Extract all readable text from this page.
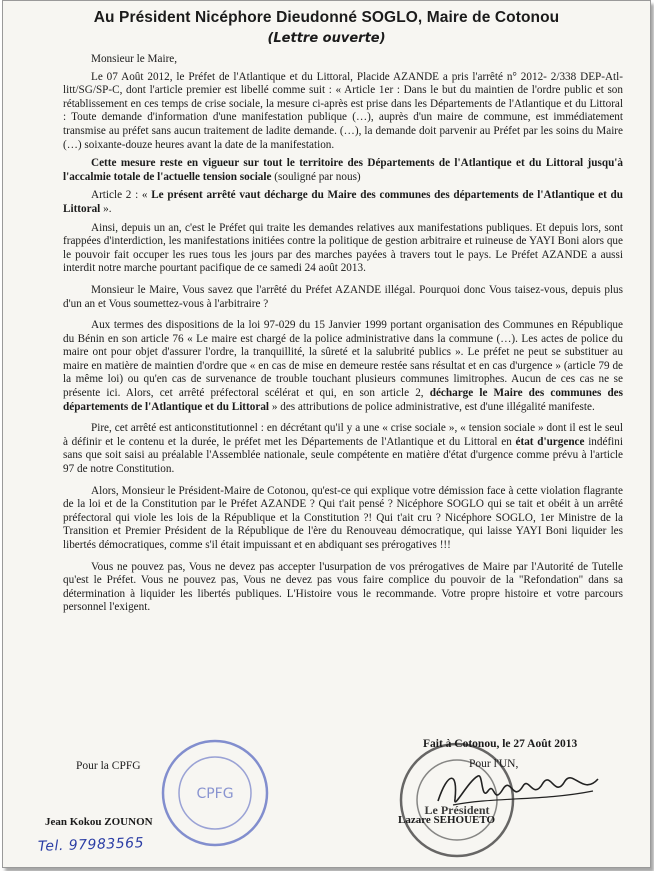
Au Président Nicéphore Dieudonné SOGLO, Maire de Cotonou
(Lettre ouverte)

Monsieur le Maire,

Le 07 Août 2012, le Préfet de l'Atlantique et du Littoral, Placide AZANDE a pris l'arrêté n° 2012- 2/338 DEP-Atl-litt/SG/SP-C, dont l'article premier est libellé comme suit : « Article 1er : Dans le but du maintien de l'ordre public et son rétablissement en ces temps de crise sociale, la mesure ci-après est prise dans les Départements de l'Atlantique et du Littoral : Toute demande d'information d'une manifestation publique (…), auprès d'un maire de commune, est immédiatement transmise au préfet sans aucun traitement de ladite demande. (…), la demande doit parvenir au Préfet par les soins du Maire (…) soixante-douze heures avant la date de la manifestation.

Cette mesure reste en vigueur sur tout le territoire des Départements de l'Atlantique et du Littoral jusqu'à l'accalmie totale de l'actuelle tension sociale (souligné par nous)

Article 2 : « Le présent arrêté vaut décharge du Maire des communes des départements de l'Atlantique et du Littoral ».

Ainsi, depuis un an, c'est le Préfet qui traite les demandes relatives aux manifestations publiques. Et depuis lors, sont frappées d'interdiction, les manifestations initiées contre la politique de gestion arbitraire et ruineuse de YAYI Boni alors que le pouvoir fait occuper les rues tous les jours par des marches payées à travers tout le pays. Le Préfet AZANDE a aussi interdit notre marche pourtant pacifique de ce samedi 24 août 2013.

Monsieur le Maire, Vous savez que l'arrêté du Préfet AZANDE illégal. Pourquoi donc Vous taisez-vous, depuis plus d'un an et Vous soumettez-vous à l'arbitraire ?

Aux termes des dispositions de la loi 97-029 du 15 Janvier 1999 portant organisation des Communes en République du Bénin en son article 76 « Le maire est chargé de la police administrative dans la commune (…). Les actes de police du maire ont pour objet d'assurer l'ordre, la tranquillité, la sûreté et la salubrité publics ». Le préfet ne peut se substituer au maire en matière de maintien d'ordre que « en cas de mise en demeure restée sans résultat et en cas d'urgence » (article 79 de la même loi) ou qu'en cas de survenance de trouble touchant plusieurs communes limitrophes. Aucun de ces cas ne se présente ici. Alors, cet arrêté préfectoral scélérat et qui, en son article 2, décharge le Maire des communes des départements de l'Atlantique et du Littoral » des attributions de police administrative, est d'une illégalité manifeste.

Pire, cet arrêté est anticonstitutionnel : en décrétant qu'il y a une « crise sociale », « tension sociale » dont il est le seul à définir et le contenu et la durée, le préfet met les Départements de l'Atlantique et du Littoral en état d'urgence indéfini sans que soit saisi au préalable l'Assemblée nationale, seule compétente en matière d'état d'urgence comme prévu à l'article 97 de notre Constitution.

Alors, Monsieur le Président-Maire de Cotonou, qu'est-ce qui explique votre démission face à cette violation flagrante de la loi et de la Constitution par le Préfet AZANDE ? Qui t'ait pensé ? Nicéphore SOGLO qui se tait et obéit à un arrêté préfectoral qui viole les lois de la République et la Constitution ?! Qui t'ait cru ? Nicéphore SOGLO, 1er Ministre de la Transition et Premier Président de la République de l'ère du Renouveau démocratique, qui laisse YAYI Boni liquider les libertés démocratiques, comme s'il était impuissant et en abdiquant ses prérogatives !!!

Vous ne pouvez pas, Vous ne devez pas accepter l'usurpation de vos prérogatives de Maire par l'Autorité de Tutelle qu'est le Préfet. Vous ne pouvez pas, Vous ne devez pas vous faire complice du pouvoir de la "Refondation" dans sa détermination à liquider les libertés publiques. L'Histoire vous le recommande. Votre propre histoire et votre parcours personnel l'exigent.

CPFG
Le Président
Fait à Cotonou, le 27 Août 2013
Pour la CPFG
Jean Kokou ZOUNON
Tel. 97983565
Pour l'UN,
Lazare SEHOUETO
